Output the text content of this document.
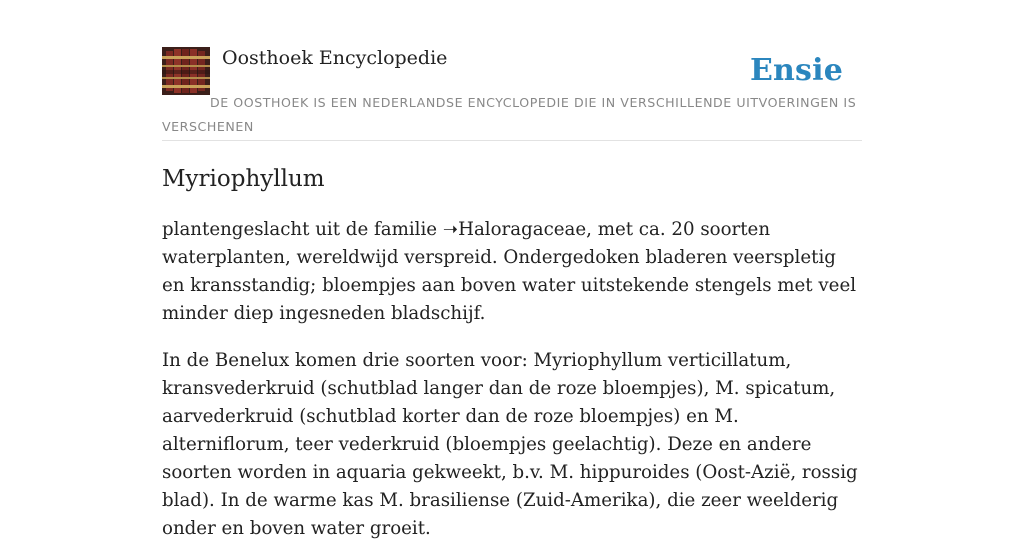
Oosthoek Encyclopedie	Ensie
DE OOSTHOEK IS EEN NEDERLANDSE ENCYCLOPEDIE DIE IN VERSCHILLENDE UITVOERINGEN IS VERSCHENEN
Myriophyllum

plantengeslacht uit de familie ➝Haloragaceae, met ca. 20 soorten waterplanten, wereldwijd verspreid. Ondergedoken bladeren veerspletig en kransstandig; bloempjes aan boven water uitstekende stengels met veel minder diep ingesneden bladschijf.

In de Benelux komen drie soorten voor: Myriophyllum verticillatum, kransvederkruid (schutblad langer dan de roze bloempjes), M. spicatum, aarvederkruid (schutblad korter dan de roze bloempjes) en M. alterniflorum, teer vederkruid (bloempjes geelachtig). Deze en andere soorten worden in aquaria gekweekt, b.v. M. hippuroides (Oost-Azië, rossig blad). In de warme kas M. brasiliense (Zuid-Amerika), die zeer weelderig onder en boven water groeit.
